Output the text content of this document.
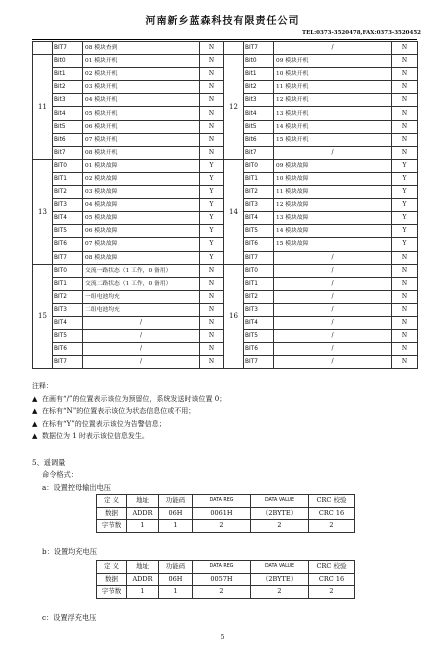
河南新乡蓝森科技有限责任公司
TEL:0373-3520478,FAX:0373-3520452
	BIT7	08 模块查到	N		BIT7	/	N
11	Bit0	01 模块开机	N	12	Bit0	09 模块开机	N
	Bit1	02 模块开机	N		Bit1	10 模块开机	N
	Bit2	03 模块开机	N		Bit2	11 模块开机	N
	Bit3	04 模块开机	N		Bit3	12 模块开机	N
	Bit4	05 模块开机	N		Bit4	13 模块开机	N
	Bit5	06 模块开机	N		Bit5	14 模块开机	N
	Bit6	07 模块开机	N		Bit6	15 模块开机	N
	Bit7	08 模块开机	N		Bit7	/	N
13	BIT0	01 模块故障	Y	14	BIT0	09 模块故障	Y
	BIT1	02 模块故障	Y		BIT1	10 模块故障	Y
	BIT2	03 模块故障	Y		BIT2	11 模块故障	Y
	BIT3	04 模块故障	Y		BIT3	12 模块故障	Y
	BIT4	05 模块故障	Y		BIT4	13 模块故障	Y
	BIT5	06 模块故障	Y		BIT5	14 模块故障	Y
	BIT6	07 模块故障	Y		BIT6	15 模块故障	Y
	BIT7	08 模块故障	Y		BIT7	/	N
15	BIT0	交流一路状态（1 工作，0 备用）	N	16	BIT0	/	N
	BIT1	交流二路状态（1 工作，0 备用）	N		BIT1	/	N
	BIT2	一组电池均充	N		BIT2	/	N
	BIT3	二组电池均充	N		BIT3	/	N
	BIT4	/	N		BIT4	/	N
	BIT5	/	N		BIT5	/	N
	BIT6	/	N		BIT6	/	N
	BIT7	/	N		BIT7	/	N
注释：
▲ 在画有“/”的位置表示该位为预留位，系统发送时该位置 0；
▲ 在标有“N”的位置表示该位为状态信息位或不用；
▲ 在标有“Y”的位置表示该位为告警信息；
▲ 数据位为 1 时表示该位信息发生。
5、遥调量
命令格式：
a：设置控母输出电压
定 义	地址	功能码	DATA REG	DATA VALUE	CRC 校验
数据	ADDR	06H	0061H	（2BYTE）	CRC 16
字节数	1	1	2	2	2
b：设置均充电压
定 义	地址	功能码	DATA REG	DATA VALUE	CRC 校验
数据	ADDR	06H	0057H	（2BYTE）	CRC 16
字节数	1	1	2	2	2
c：设置浮充电压
5
